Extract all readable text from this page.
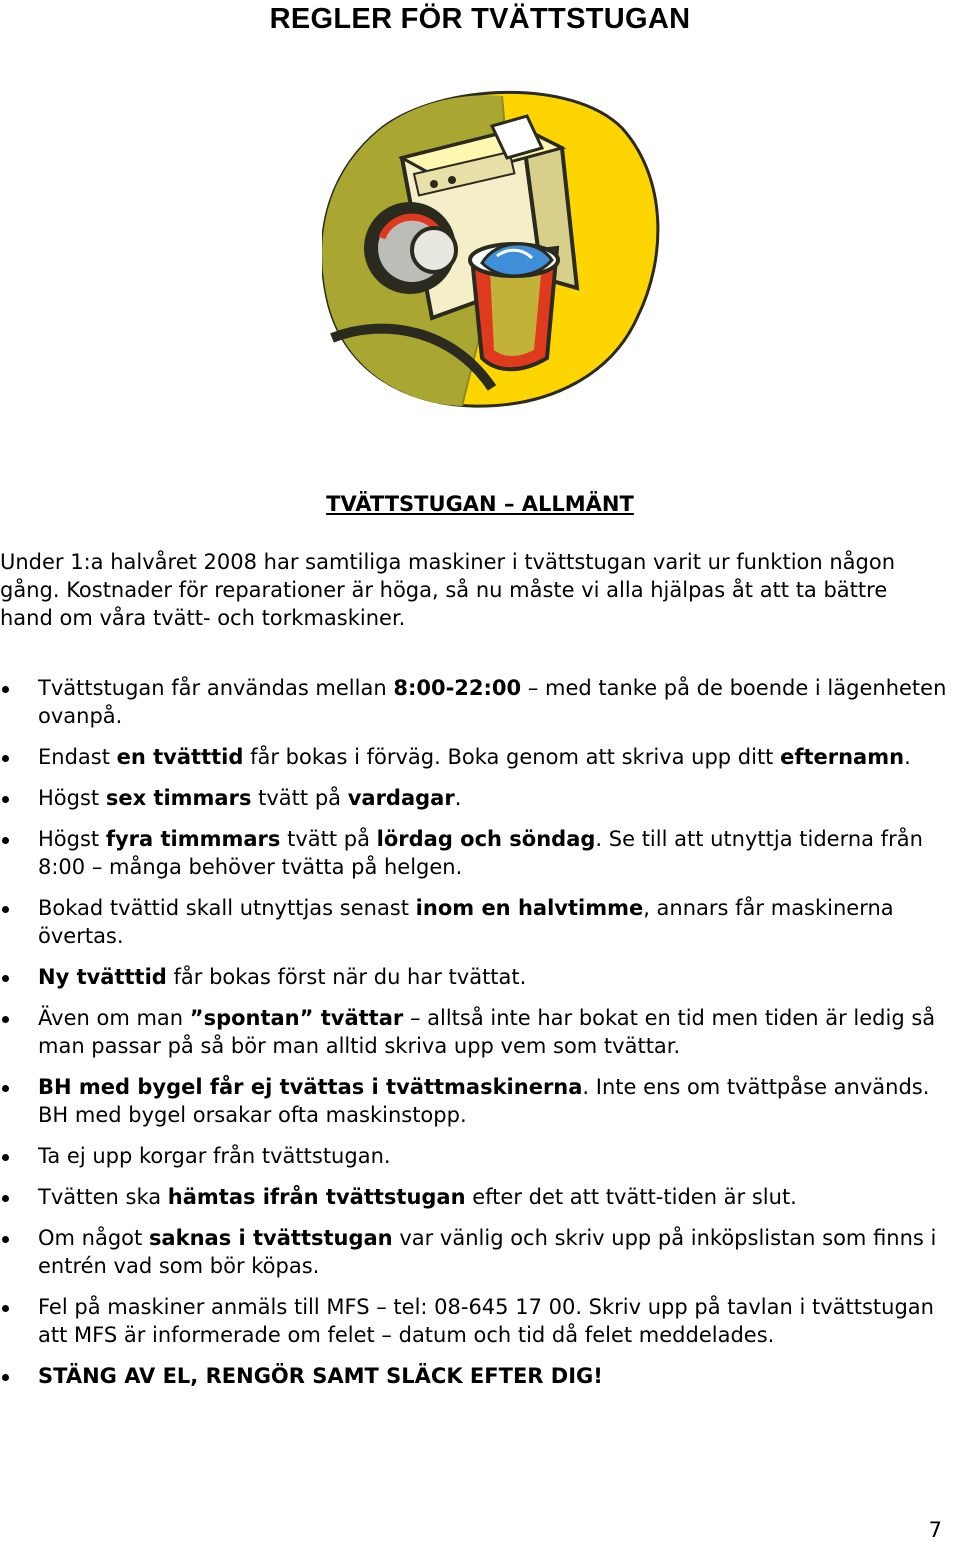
REGLER FÖR TVÄTTSTUGAN
TVÄTTSTUGAN – ALLMÄNT
Under 1:a halvåret 2008 har samtiliga maskiner i tvättstugan varit ur funktion någon gång. Kostnader för reparationer är höga, så nu måste vi alla hjälpas åt att ta bättre hand om våra tvätt- och torkmaskiner.
Tvättstugan får användas mellan 8:00-22:00 – med tanke på de boende i lägenheten ovanpå.
Endast en tvätttid får bokas i förväg. Boka genom att skriva upp ditt efternamn.
Högst sex timmars tvätt på vardagar.
Högst fyra timmmars tvätt på lördag och söndag. Se till att utnyttja tiderna från 8:00 – många behöver tvätta på helgen.
Bokad tvättid skall utnyttjas senast inom en halvtimme, annars får maskinerna övertas.
Ny tvätttid får bokas först när du har tvättat.
Även om man ”spontan” tvättar – alltså inte har bokat en tid men tiden är ledig så man passar på så bör man alltid skriva upp vem som tvättar.
BH med bygel får ej tvättas i tvättmaskinerna. Inte ens om tvättpåse används. BH med bygel orsakar ofta maskinstopp.
Ta ej upp korgar från tvättstugan.
Tvätten ska hämtas ifrån tvättstugan efter det att tvätt-tiden är slut.
Om något saknas i tvättstugan var vänlig och skriv upp på inköpslistan som finns i entrén vad som bör köpas.
Fel på maskiner anmäls till MFS – tel: 08-645 17 00. Skriv upp på tavlan i tvättstugan att MFS är informerade om felet – datum och tid då felet meddelades.
STÄNG AV EL, RENGÖR SAMT SLÄCK EFTER DIG!
7
